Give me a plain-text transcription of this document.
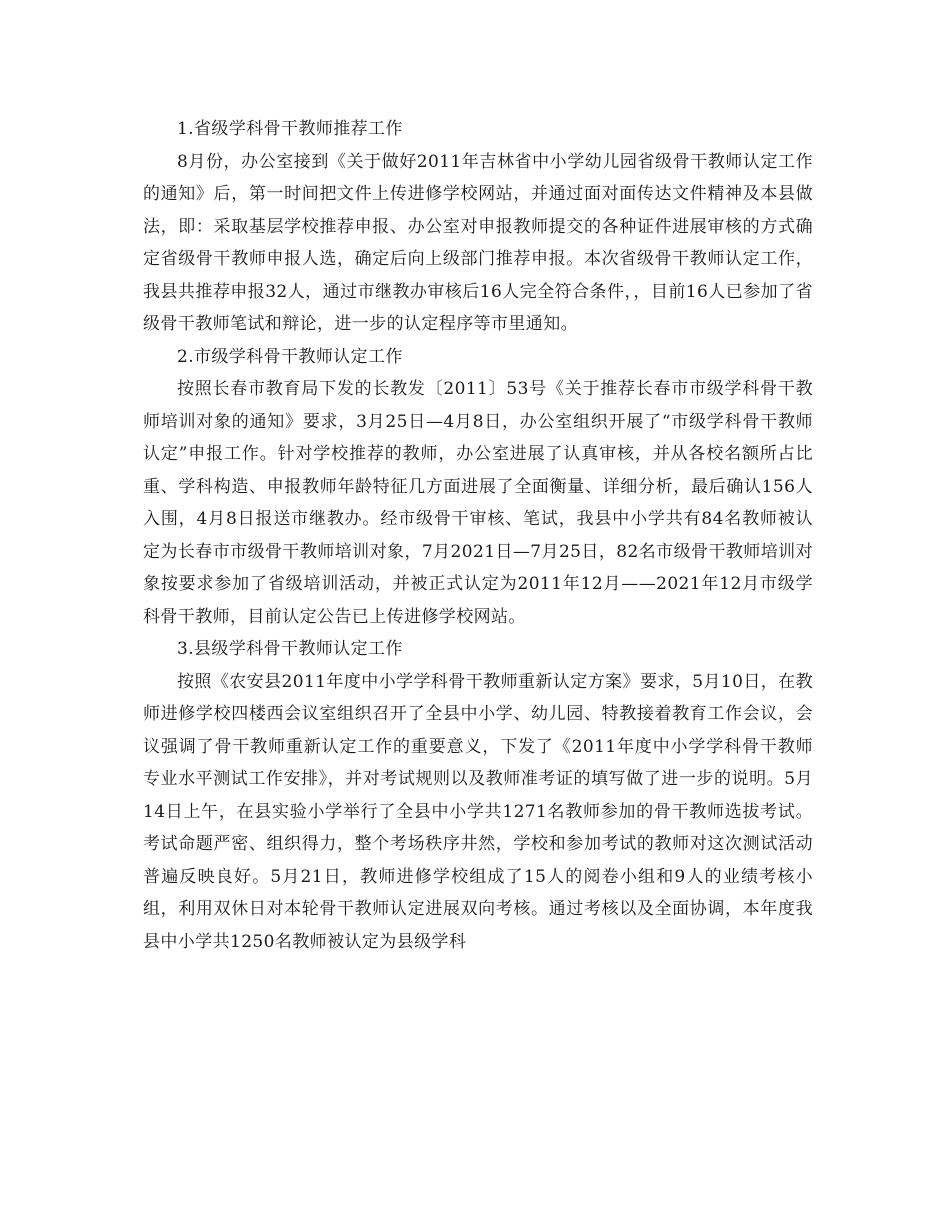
1.省级学科骨干教师推荐工作

8月份，办公室接到《关于做好2011年吉林省中小学幼儿园省级骨干教师认定工作的通知》后，第一时间把文件上传进修学校网站，并通过面对面传达文件精神及本县做法，即：采取基层学校推荐申报、办公室对申报教师提交的各种证件进展审核的方式确定省级骨干教师申报人选，确定后向上级部门推荐申报。本次省级骨干教师认定工作，我县共推荐申报32人，通过市继教办审核后16人完全符合条件，，目前16人已参加了省级骨干教师笔试和辩论，进一步的认定程序等市里通知。

2.市级学科骨干教师认定工作

按照长春市教育局下发的长教发〔2011〕53号《关于推荐长春市市级学科骨干教师培训对象的通知》要求，3月25日—4月8日，办公室组织开展了“市级学科骨干教师认定”申报工作。针对学校推荐的教师，办公室进展了认真审核，并从各校名额所占比重、学科构造、申报教师年龄特征几方面进展了全面衡量、详细分析，最后确认156人入围，4月8日报送市继教办。经市级骨干审核、笔试，我县中小学共有84名教师被认定为长春市市级骨干教师培训对象，7月2021日—7月25日，82名市级骨干教师培训对象按要求参加了省级培训活动，并被正式认定为2011年12月——2021年12月市级学科骨干教师，目前认定公告已上传进修学校网站。

3.县级学科骨干教师认定工作

按照《农安县2011年度中小学学科骨干教师重新认定方案》要求，5月10日，在教师进修学校四楼西会议室组织召开了全县中小学、幼儿园、特教接着教育工作会议，会议强调了骨干教师重新认定工作的重要意义，下发了《2011年度中小学学科骨干教师专业水平测试工作安排》，并对考试规则以及教师准考证的填写做了进一步的说明。5月14日上午，在县实验小学举行了全县中小学共1271名教师参加的骨干教师选拔考试。考试命题严密、组织得力，整个考场秩序井然，学校和参加考试的教师对这次测试活动普遍反映良好。5月21日，教师进修学校组成了15人的阅卷小组和9人的业绩考核小组，利用双休日对本轮骨干教师认定进展双向考核。通过考核以及全面协调，本年度我县中小学共1250名教师被认定为县级学科
